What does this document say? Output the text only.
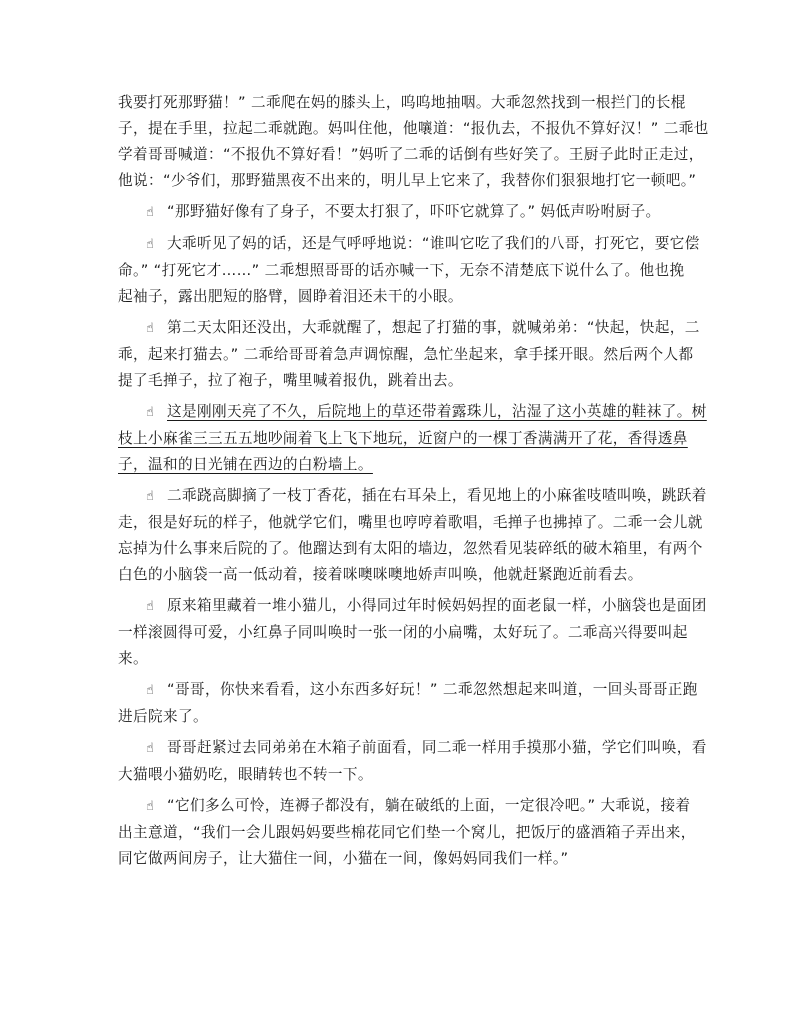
我要打死那野猫！” 二乖爬在妈的膝头上，呜呜地抽咽。大乖忽然找到一根拦门的长棍
子，提在手里，拉起二乖就跑。妈叫住他，他嚷道：“报仇去，不报仇不算好汉！” 二乖也
学着哥哥喊道：“不报仇不算好看！”妈听了二乖的话倒有些好笑了。王厨子此时正走过，
他说：“少爷们，那野猫黑夜不出来的，明儿早上它来了，我替你们狠狠地打它一顿吧。”
☝ “那野猫好像有了身子，不要太打狠了，吓吓它就算了。” 妈低声吩咐厨子。
☝ 大乖听见了妈的话，还是气呼呼地说：“谁叫它吃了我们的八哥，打死它，要它偿
命。” “打死它才……” 二乖想照哥哥的话亦喊一下，无奈不清楚底下说什么了。他也挽
起袖子，露出肥短的胳臂，圆睁着泪还未干的小眼。
☝ 第二天太阳还没出，大乖就醒了，想起了打猫的事，就喊弟弟：“快起，快起，二
乖，起来打猫去。” 二乖给哥哥着急声调惊醒，急忙坐起来，拿手揉开眼。然后两个人都
提了毛掸子，拉了袍子，嘴里喊着报仇，跳着出去。
☝ 这是刚刚天亮了不久，后院地上的草还带着露珠儿，沾湿了这小英雄的鞋袜了。树
枝上小麻雀三三五五地吵闹着飞上飞下地玩，近窗户的一棵丁香满满开了花，香得透鼻
子，温和的日光铺在西边的白粉墙上。
☝ 二乖跷高脚摘了一枝丁香花，插在右耳朵上，看见地上的小麻雀吱喳叫唤，跳跃着
走，很是好玩的样子，他就学它们，嘴里也哼哼着歌唱，毛掸子也拂掉了。二乖一会儿就
忘掉为什么事来后院的了。他蹓达到有太阳的墙边，忽然看见装碎纸的破木箱里，有两个
白色的小脑袋一高一低动着，接着咪噢咪噢地娇声叫唤，他就赶紧跑近前看去。
☝ 原来箱里藏着一堆小猫儿，小得同过年时候妈妈捏的面老鼠一样，小脑袋也是面团
一样滚圆得可爱，小红鼻子同叫唤时一张一闭的小扁嘴，太好玩了。二乖高兴得要叫起
来。
☝ “哥哥，你快来看看，这小东西多好玩！” 二乖忽然想起来叫道，一回头哥哥正跑
进后院来了。
☝ 哥哥赶紧过去同弟弟在木箱子前面看，同二乖一样用手摸那小猫，学它们叫唤，看
大猫喂小猫奶吃，眼睛转也不转一下。
☝ “它们多么可怜，连褥子都没有，躺在破纸的上面，一定很冷吧。” 大乖说，接着
出主意道，“我们一会儿跟妈妈要些棉花同它们垫一个窝儿，把饭厅的盛酒箱子弄出来，
同它做两间房子，让大猫住一间，小猫在一间，像妈妈同我们一样。”
